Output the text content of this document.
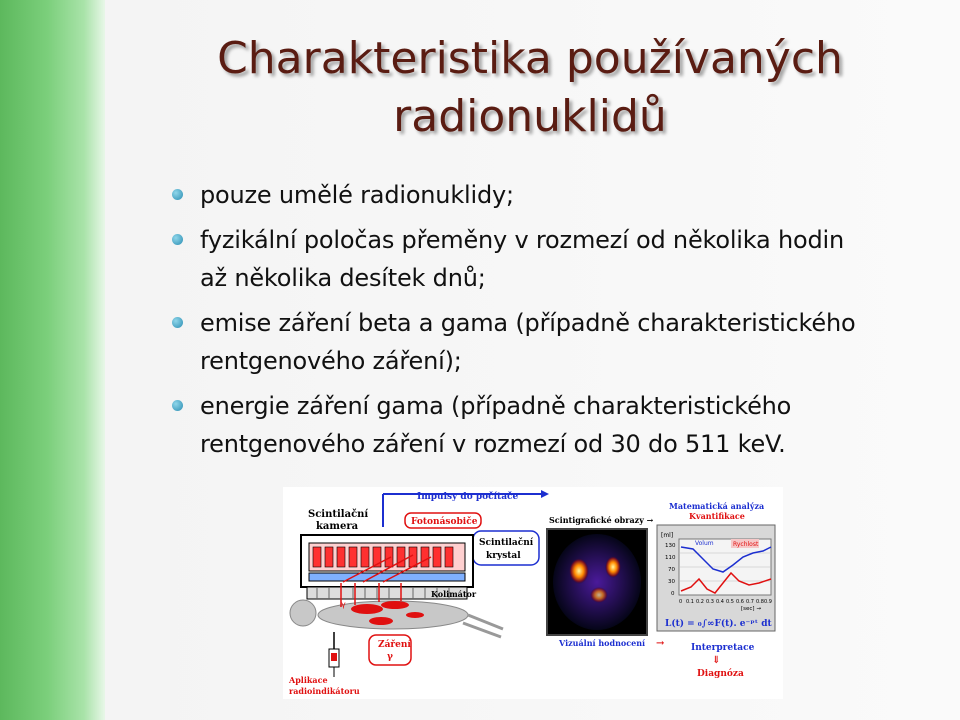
Charakteristika používaných
radionuklidů
pouze umělé radionuklidy;
fyzikální poločas přeměny v rozmezí od několika hodin
až několika desítek dnů;
emise záření beta a gama (případně charakteristického
rentgenového záření);
energie záření gama (případně charakteristického
rentgenového záření v rozmezí od 30 do 511 keV.
Impulsy do počítače
Scintilační
kamera	Fotonásobiče
Scintilační
krystal
Kolimátor
γ
Záření
γ
Aplikace
radioindikátoru
Scintigrafické obrazy →
Vizuální hodnocení →
Matematická analýza
Kvantifikace
[ml]
130
110
70
30
0
Volum	Rychlost
0 0.1 0.2 0.3 0.4 0.5 0.6 0.7 0.8 0.9
[sec] →
L(t) = ₀∫∞F(t). e⁻ᵖᵗ dt
Interpretace
⇓
Diagnóza
